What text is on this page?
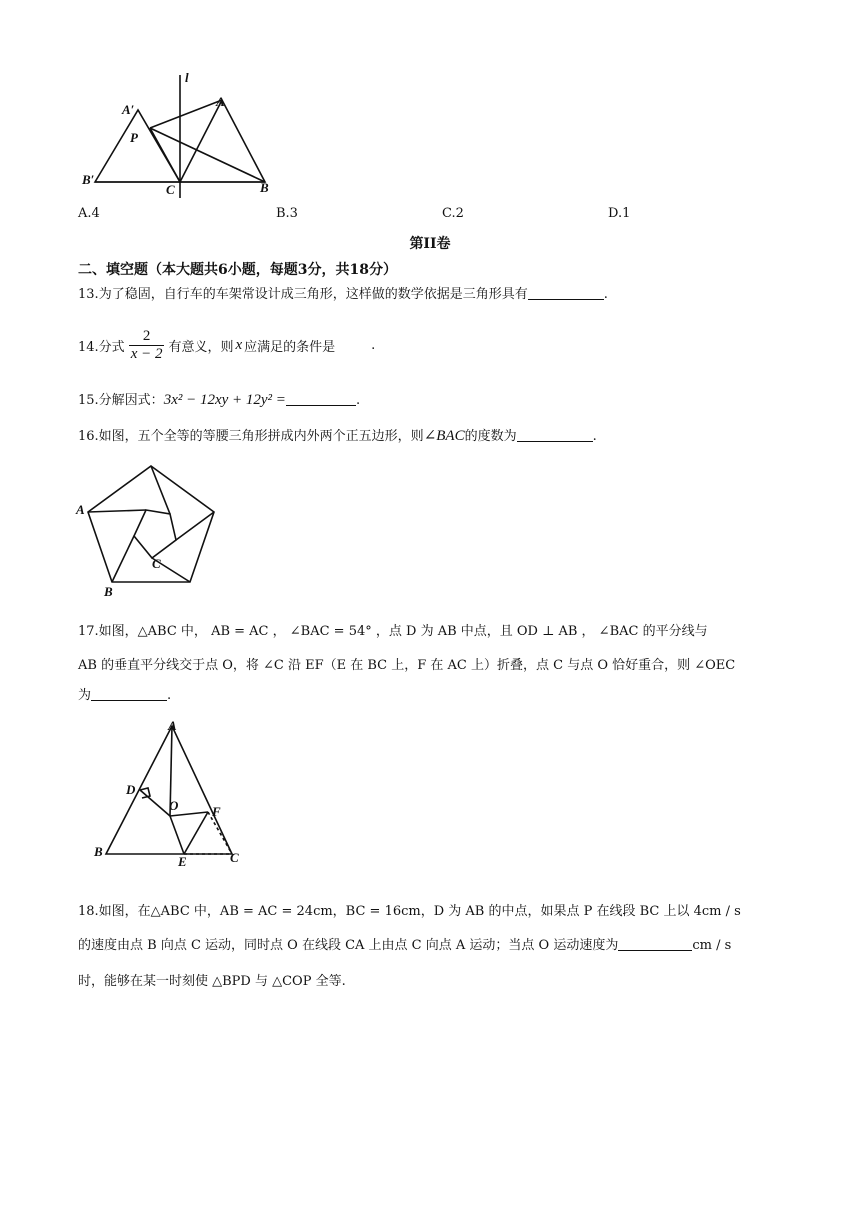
l
A′
A
P
B′
C	B
A.4	B.3	C.2	D.1
第II卷
二、填空题（本大题共6小题，每题3分，共18分）
13.为了稳固，自行车的车架常设计成三角形，这样做的数学依据是三角形具有	.
14.分式 $\frac{2}{x - 2}$ 有意义，则 x 应满足的条件是	.
15.分解因式：3x² − 12xy + 12y² =	.
16.如图，五个全等的等腰三角形拼成内外两个正五边形，则∠BAC的度数为	.
A
B
C
17.如图，△ABC 中， AB = AC ， ∠BAC = 54° ，点 D 为 AB 中点，且 OD ⊥ AB ， ∠BAC 的平分线与
AB 的垂直平分线交于点 O，将 ∠C 沿 EF（E 在 BC 上，F 在 AC 上）折叠，点 C 与点 O 恰好重合，则 ∠OEC
为	.
A
D
O	F
B
E	C
18.如图，在△ABC 中，AB = AC = 24cm，BC = 16cm，D 为 AB 的中点，如果点 P 在线段 BC 上以 4cm / s
的速度由点 B 向点 C 运动，同时点 O 在线段 CA 上由点 C 向点 A 运动；当点 O 运动速度为	cm / s
时，能够在某一时刻使 △BPD 与 △COP 全等.
